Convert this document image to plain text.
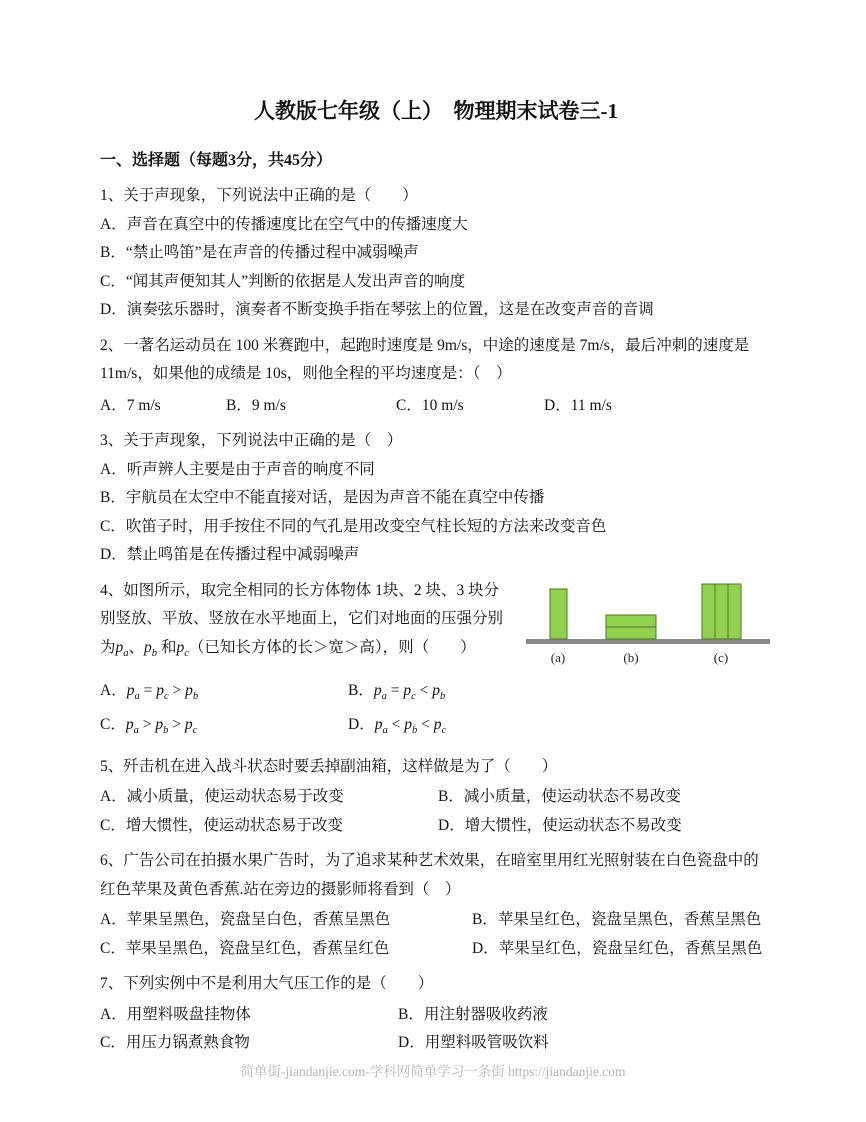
人教版七年级（上）　物理期末试卷三-1
一、选择题（每题3分，共45分）

1、关于声现象，下列说法中正确的是（　　）

A．声音在真空中的传播速度比在空气中的传播速度大
B．“禁止鸣笛”是在声音的传播过程中减弱噪声
C．“闻其声便知其人”判断的依据是人发出声音的响度
D．演奏弦乐器时，演奏者不断变换手指在琴弦上的位置，这是在改变声音的音调

2、一著名运动员在 100 米赛跑中，起跑时速度是 9m/s，中途的速度是 7m/s，最后冲刺的速度是 11m/s，如果他的成绩是 10s，则他全程的平均速度是：（　）

A．7 m/s	B．9 m/s	C．10 m/s	D．11 m/s

3、关于声现象，下列说法中正确的是（　）

A．听声辨人主要是由于声音的响度不同
B．宇航员在太空中不能直接对话，是因为声音不能在真空中传播
C．吹笛子时，用手按住不同的气孔是用改变空气柱长短的方法来改变音色
D．禁止鸣笛是在传播过程中减弱噪声
(a)	(b)	(c)

4、如图所示，取完全相同的长方体物体 1块、2 块、3 块分别竖放、平放、竖放在水平地面上，它们对地面的压强分别为$p_a$、$p_b$ 和$p_c$（已知长方体的长＞宽＞高），则（　　）

A．$p_a = p_c > p_b$	B．$p_a = p_c < p_b$
C．$p_a > p_b > p_c$	D．$p_a < p_b < p_c$

5、歼击机在进入战斗状态时要丢掉副油箱，这样做是为了（　　）

A．减小质量，使运动状态易于改变	B．减小质量，使运动状态不易改变
C．增大惯性，使运动状态易于改变	D．增大惯性，使运动状态不易改变

6、广告公司在拍摄水果广告时，为了追求某种艺术效果，在暗室里用红光照射装在白色瓷盘中的红色苹果及黄色香蕉.站在旁边的摄影师将看到（　）

A．苹果呈黑色，瓷盘呈白色，香蕉呈黑色	B．苹果呈红色，瓷盘呈黑色，香蕉呈黑色
C．苹果呈黑色，瓷盘呈红色，香蕉呈红色	D．苹果呈红色，瓷盘呈红色，香蕉呈黑色

7、下列实例中不是利用大气压工作的是（　　）

A．用塑料吸盘挂物体	B．用注射器吸收药液
C．用压力锅煮熟食物	D．用塑料吸管吸饮料
简单街-jiandanjie.com-学科网简单学习一条街 https://jiandanjie.com
